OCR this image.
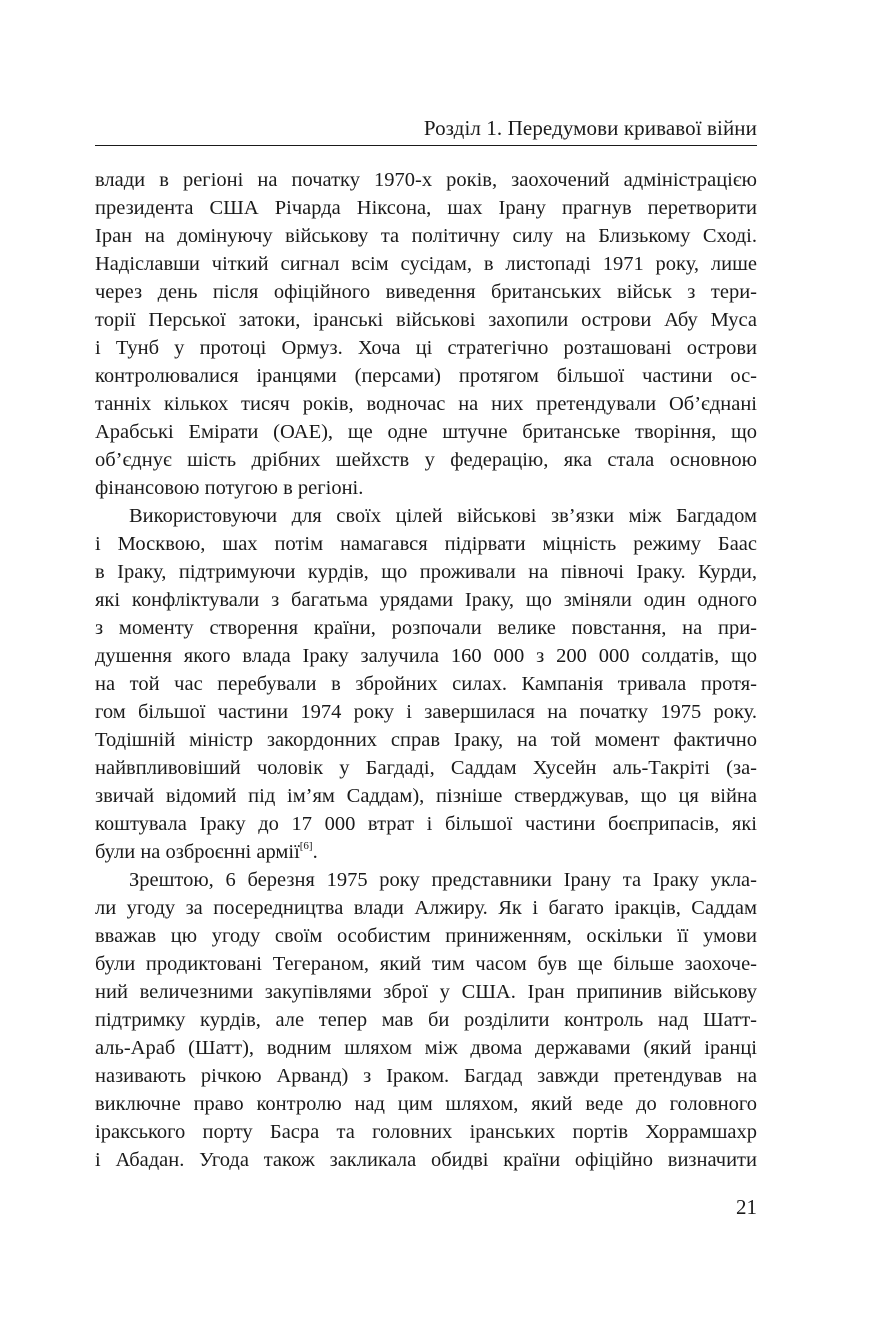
Розділ 1. Передумови кривавої війни
влади в регіоні на початку 1970-х років, заохочений адміністрацією
президента США Річарда Ніксона, шах Ірану прагнув перетворити
Іран на домінуючу військову та політичну силу на Близькому Сході.
Надіславши чіткий сигнал всім сусідам, в листопаді 1971 року, лише
через день після офіційного виведення британських військ з тери-
торії Перської затоки, іранські військові захопили острови Абу Муса
і Тунб у протоці Ормуз. Хоча ці стратегічно розташовані острови
контролювалися іранцями (персами) протягом більшої частини ос-
танніх кількох тисяч років, водночас на них претендували Об’єднані
Арабські Емірати (ОАЕ), ще одне штучне британське творіння, що
об’єднує шість дрібних шейхств у федерацію, яка стала основною
фінансовою потугою в регіоні.
Використовуючи для своїх цілей військові зв’язки між Багдадом
і Москвою, шах потім намагався підірвати міцність режиму Баас
в Іраку, підтримуючи курдів, що проживали на півночі Іраку. Курди,
які конфліктували з багатьма урядами Іраку, що зміняли один одного
з моменту створення країни, розпочали велике повстання, на при-
душення якого влада Іраку залучила 160 000 з 200 000 солдатів, що
на той час перебували в збройних силах. Кампанія тривала протя-
гом більшої частини 1974 року і завершилася на початку 1975 року.
Тодішній міністр закордонних справ Іраку, на той момент фактично
найвпливовіший чоловік у Багдаді, Саддам Хусейн аль-Такріті (за-
звичай відомий під ім’ям Саддам), пізніше стверджував, що ця війна
коштувала Іраку до 17 000 втрат і більшої частини боєприпасів, які
були на озброєнні армії[6].
Зрештою, 6 березня 1975 року представники Ірану та Іраку укла-
ли угоду за посередництва влади Алжиру. Як і багато іракців, Саддам
вважав цю угоду своїм особистим приниженням, оскільки її умови
були продиктовані Тегераном, який тим часом був ще більше заохоче-
ний величезними закупівлями зброї у США. Іран припинив військову
підтримку курдів, але тепер мав би розділити контроль над Шатт-
аль-Араб (Шатт), водним шляхом між двома державами (який іранці
називають річкою Арванд) з Іраком. Багдад завжди претендував на
виключне право контролю над цим шляхом, який веде до головного
іракського порту Басра та головних іранських портів Хоррамшахр
і Абадан. Угода також закликала обидві країни офіційно визначити
21
